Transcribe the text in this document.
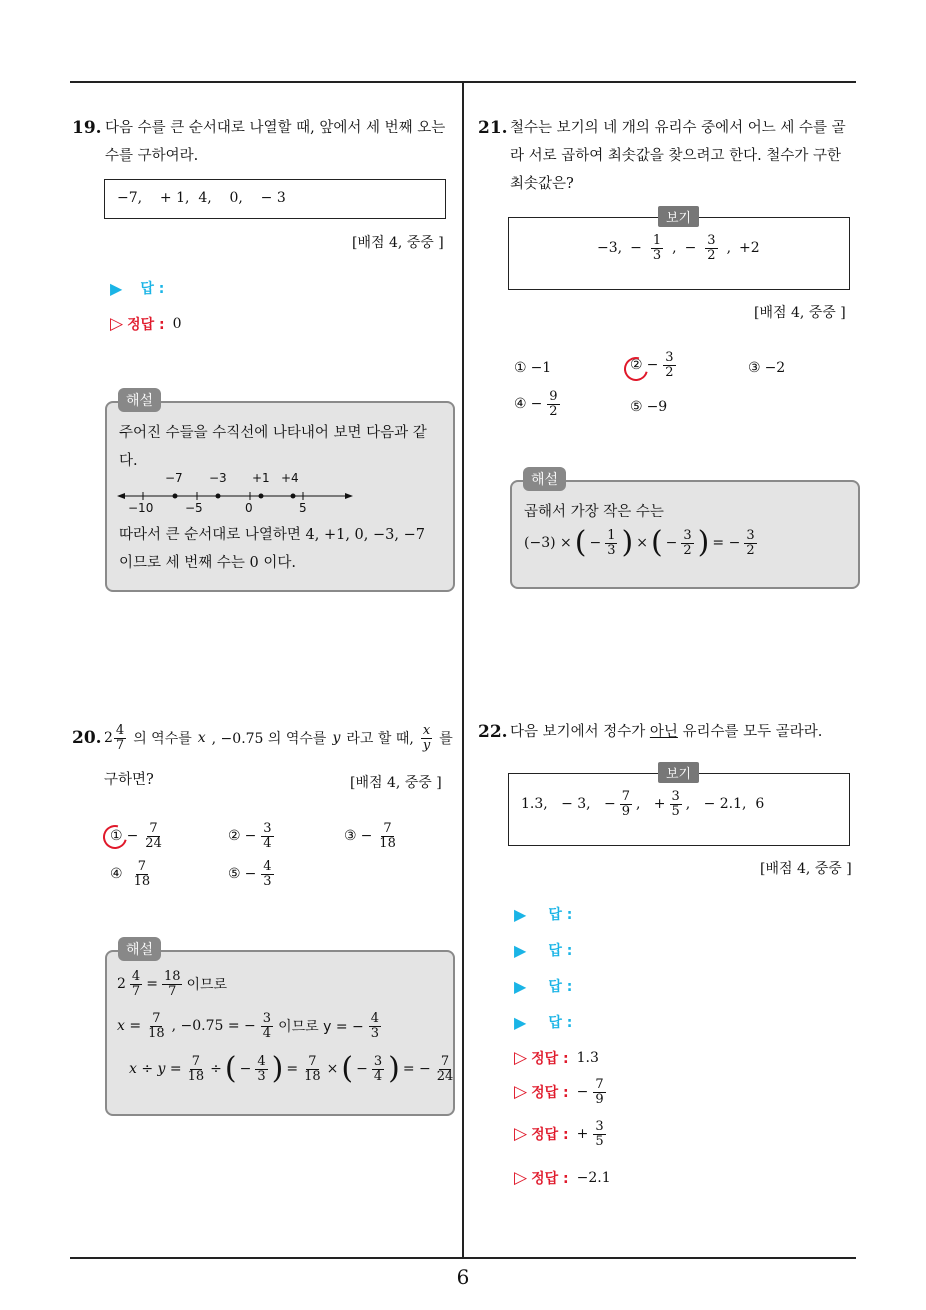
6
19. 다음 수를 큰 순서대로 나열할 때, 앞에서 세 번째 오는
수를 구하여라.
−7,    + 1,  4,    0,    − 3
[배점 4, 중중 ]
▶ 답 :
▷ 정답 : 0
주어진 수들을 수직선에 나타내어 보면 다음과 같
다.
−7 −3 +1 +4
−10	−5	0	5
따라서 큰 순서대로 나열하면 4, +1, 0, −3, −7
이므로 세 번째 수는 0 이다.
해설
20. $2 \frac{4}{7}$ 의 역수를 x , −0.75 의 역수를 y 라고 할 때, $\frac{x}{y}$ 를
구하면?	[배점 4, 중중 ]
① − $\frac{7}{24}$	② − $\frac{3}{4}$	③ − $\frac{7}{18}$
④ $\frac{7}{18}$	⑤ − $\frac{4}{3}$
$2 \frac{4}{7} = \frac{18}{7}$ 이므로
$x = \frac{7}{18}$ , −0.75 = − $\frac{3}{4}$ 이므로 y = − $\frac{4}{3}$
$x \div y = \frac{7}{18}$ ÷ ( − $\frac{4}{3}$ ) = $\frac{7}{18}$ × ( − $\frac{3}{4}$ ) = − $\frac{7}{24}$
해설
21. 철수는 보기의 네 개의 유리수 중에서 어느 세 수를 골
라 서로 곱하여 최솟값을 찾으려고 한다. 철수가 구한
최솟값은?
−3, − $\frac{1}{3}$ , − $\frac{3}{2}$ , +2
보기
[배점 4, 중중 ]
① −1	② − $\frac{3}{2}$	③ −2
④ − $\frac{9}{2}$	⑤ −9
곱해서 가장 작은 수는
(−3) × ( − $\frac{1}{3}$ ) × ( − $\frac{3}{2}$ ) = − $\frac{3}{2}$
해설
22. 다음 보기에서 정수가 아닌 유리수를 모두 골라라.
1.3,   − 3,   − $\frac{7}{9}$ ,   + $\frac{3}{5}$ ,   − 2.1,  6
보기
[배점 4, 중중 ]
▶ 답 :
▶ 답 :
▶ 답 :
▶ 답 :
▷ 정답 : 1.3
▷ 정답 : − $\frac{7}{9}$
▷ 정답 : + $\frac{3}{5}$
▷ 정답 : −2.1
